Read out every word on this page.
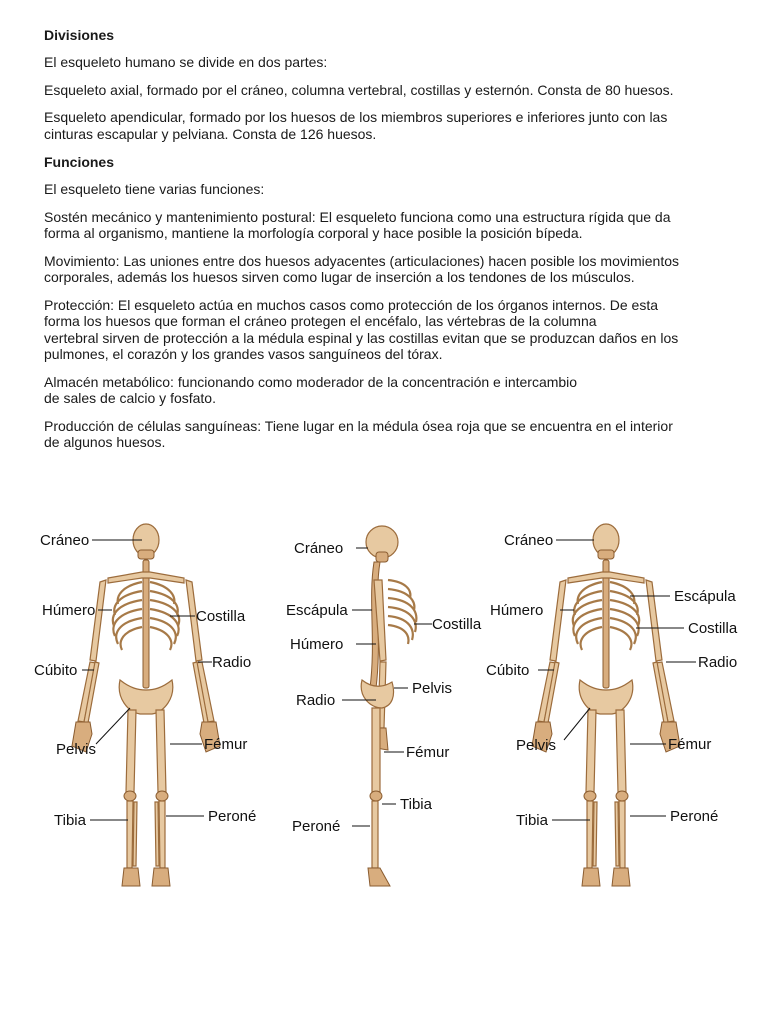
Divisiones

El esqueleto humano se divide en dos partes:

Esqueleto axial, formado por el cráneo, columna vertebral, costillas y esternón. Consta de 80 huesos.

Esqueleto apendicular, formado por los huesos de los miembros superiores e inferiores junto con las
cinturas escapular y pelviana. Consta de 126 huesos.

Funciones

El esqueleto tiene varias funciones:

Sostén mecánico y mantenimiento postural: El esqueleto funciona como una estructura rígida que da
forma al organismo, mantiene la morfología corporal y hace posible la posición bípeda.

Movimiento: Las uniones entre dos huesos adyacentes (articulaciones) hacen posible los movimientos
corporales, además los huesos sirven como lugar de inserción a los tendones de los músculos.

Protección: El esqueleto actúa en muchos casos como protección de los órganos internos. De esta
forma los huesos que forman el cráneo protegen el encéfalo, las vértebras de la columna
vertebral sirven de protección a la médula espinal y las costillas evitan que se produzcan daños en los
pulmones, el corazón y los grandes vasos sanguíneos del tórax.

Almacén metabólico: funcionando como moderador de la concentración e intercambio
de sales de calcio y fosfato.

Producción de células sanguíneas: Tiene lugar en la médula ósea roja que se encuentra en el interior
de algunos huesos.

Cráneo
Húmero	Costilla
Cúbito	Radio
Pelvis	Fémur
Tibia	Peroné
Cráneo
Escápula
Costilla
Húmero
Pelvis
Radio
Fémur
Tibia
Peroné
Cráneo
Escápula
Húmero
Costilla
Cúbito	Radio
Pelvis	Fémur
Tibia	Peroné
